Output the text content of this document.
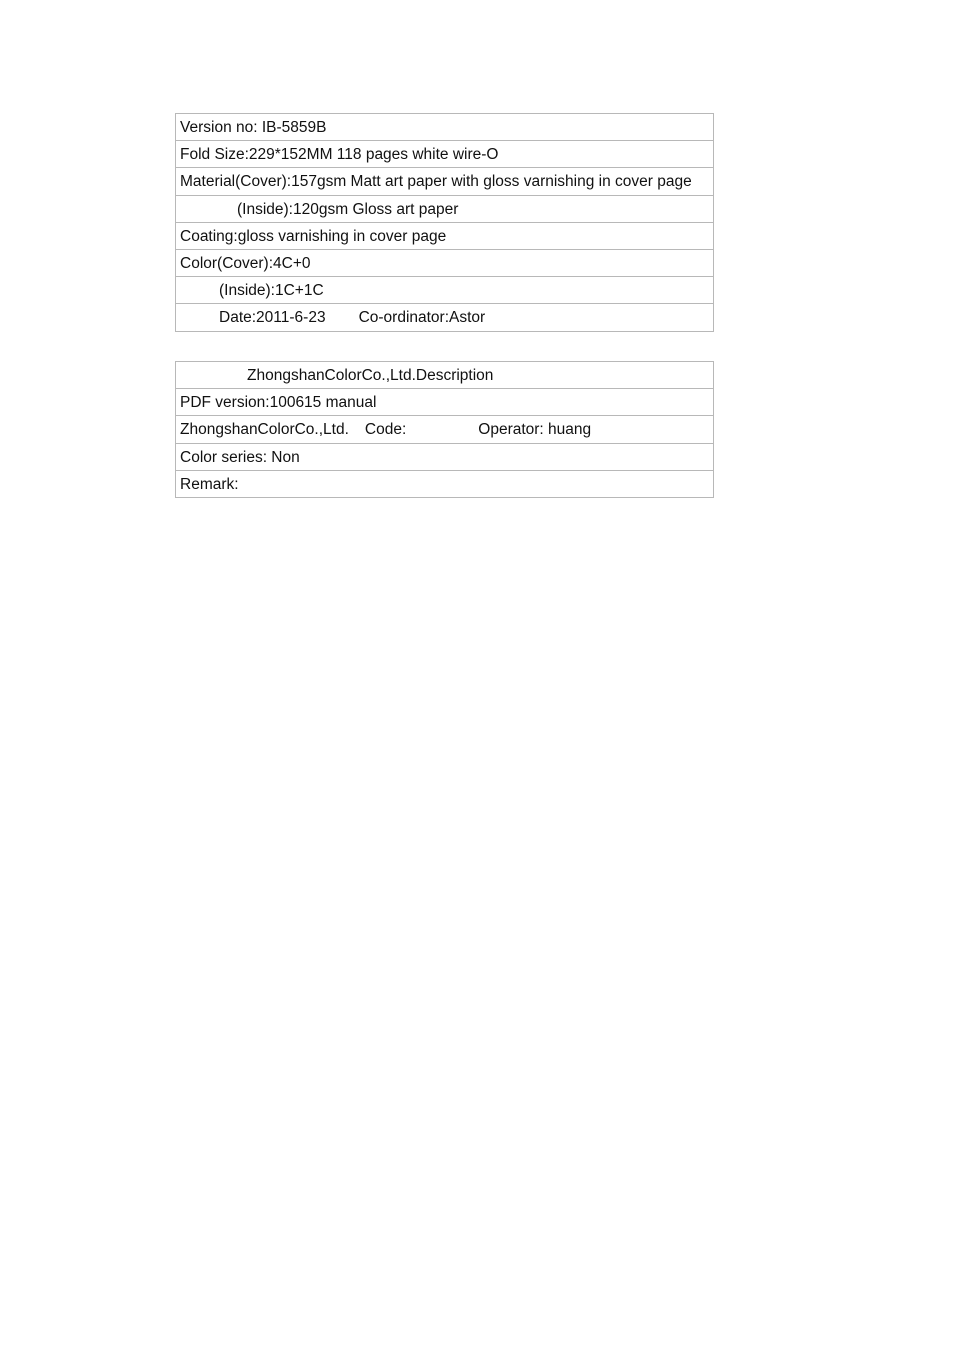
Version no: IB-5859B
Fold Size:229*152MM 118 pages white wire-O
Material(Cover):157gsm Matt art paper with gloss varnishing in cover page
(Inside):120gsm Gloss art paper
Coating:gloss varnishing in cover page
Color(Cover):4C+0
(Inside):1C+1C
Date:2011-6-23 Co-ordinator:Astor
ZhongshanColorCo.,Ltd.Description
PDF version:100615 manual
ZhongshanColorCo.,Ltd. Code:	Operator: huang
Color series: Non
Remark:
